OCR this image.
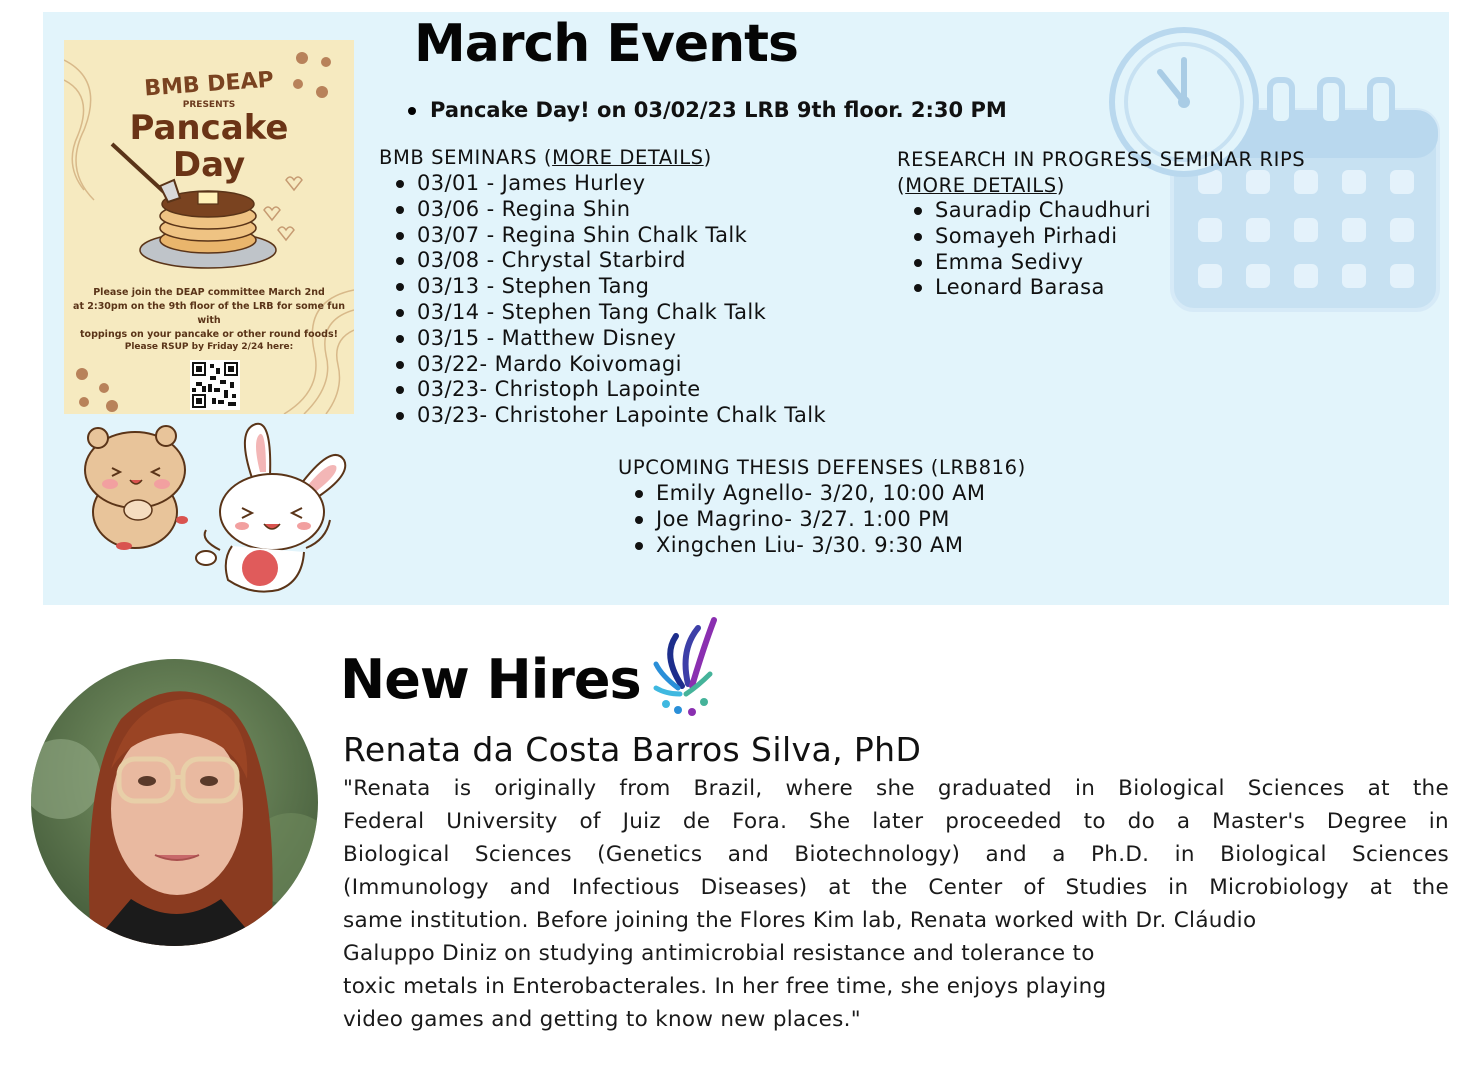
BMB DEAP
PRESENTS
Pancake
Day
Please join the DEAP committee March 2nd
at 2:30pm on the 9th floor of the LRB for some fun with
toppings on your pancake or other round foods!
Please RSUP by Friday 2/24 here:
March Events
Pancake Day! on 03/02/23 LRB 9th floor. 2:30 PM
BMB SEMINARS (MORE DETAILS)
03/01 - James Hurley
03/06 - Regina Shin
03/07 - Regina Shin Chalk Talk
03/08 - Chrystal Starbird
03/13 - Stephen Tang
03/14 - Stephen Tang Chalk Talk
03/15 - Matthew Disney
03/22- Mardo Koivomagi
03/23- Christoph Lapointe
03/23- Christoher Lapointe Chalk Talk
RESEARCH IN PROGRESS SEMINAR RIPS
(MORE DETAILS)
Sauradip Chaudhuri
Somayeh Pirhadi
Emma Sedivy
Leonard Barasa
UPCOMING THESIS DEFENSES (LRB816)
Emily Agnello- 3/20, 10:00 AM
Joe Magrino- 3/27. 1:00 PM
Xingchen Liu- 3/30. 9:30 AM
New Hires
Renata da Costa Barros Silva, PhD

"Renata is originally from Brazil, where she graduated in Biological Sciences at the
Federal University of Juiz de Fora. She later proceeded to do a Master's Degree in
Biological Sciences (Genetics and Biotechnology) and a Ph.D. in Biological Sciences
(Immunology and Infectious Diseases) at the Center of Studies in Microbiology at the
same institution. Before joining the Flores Kim lab, Renata worked with Dr. Cláudio
Galuppo Diniz on studying antimicrobial resistance and tolerance to
toxic metals in Enterobacterales. In her free time, she enjoys playing
video games and getting to know new places."
